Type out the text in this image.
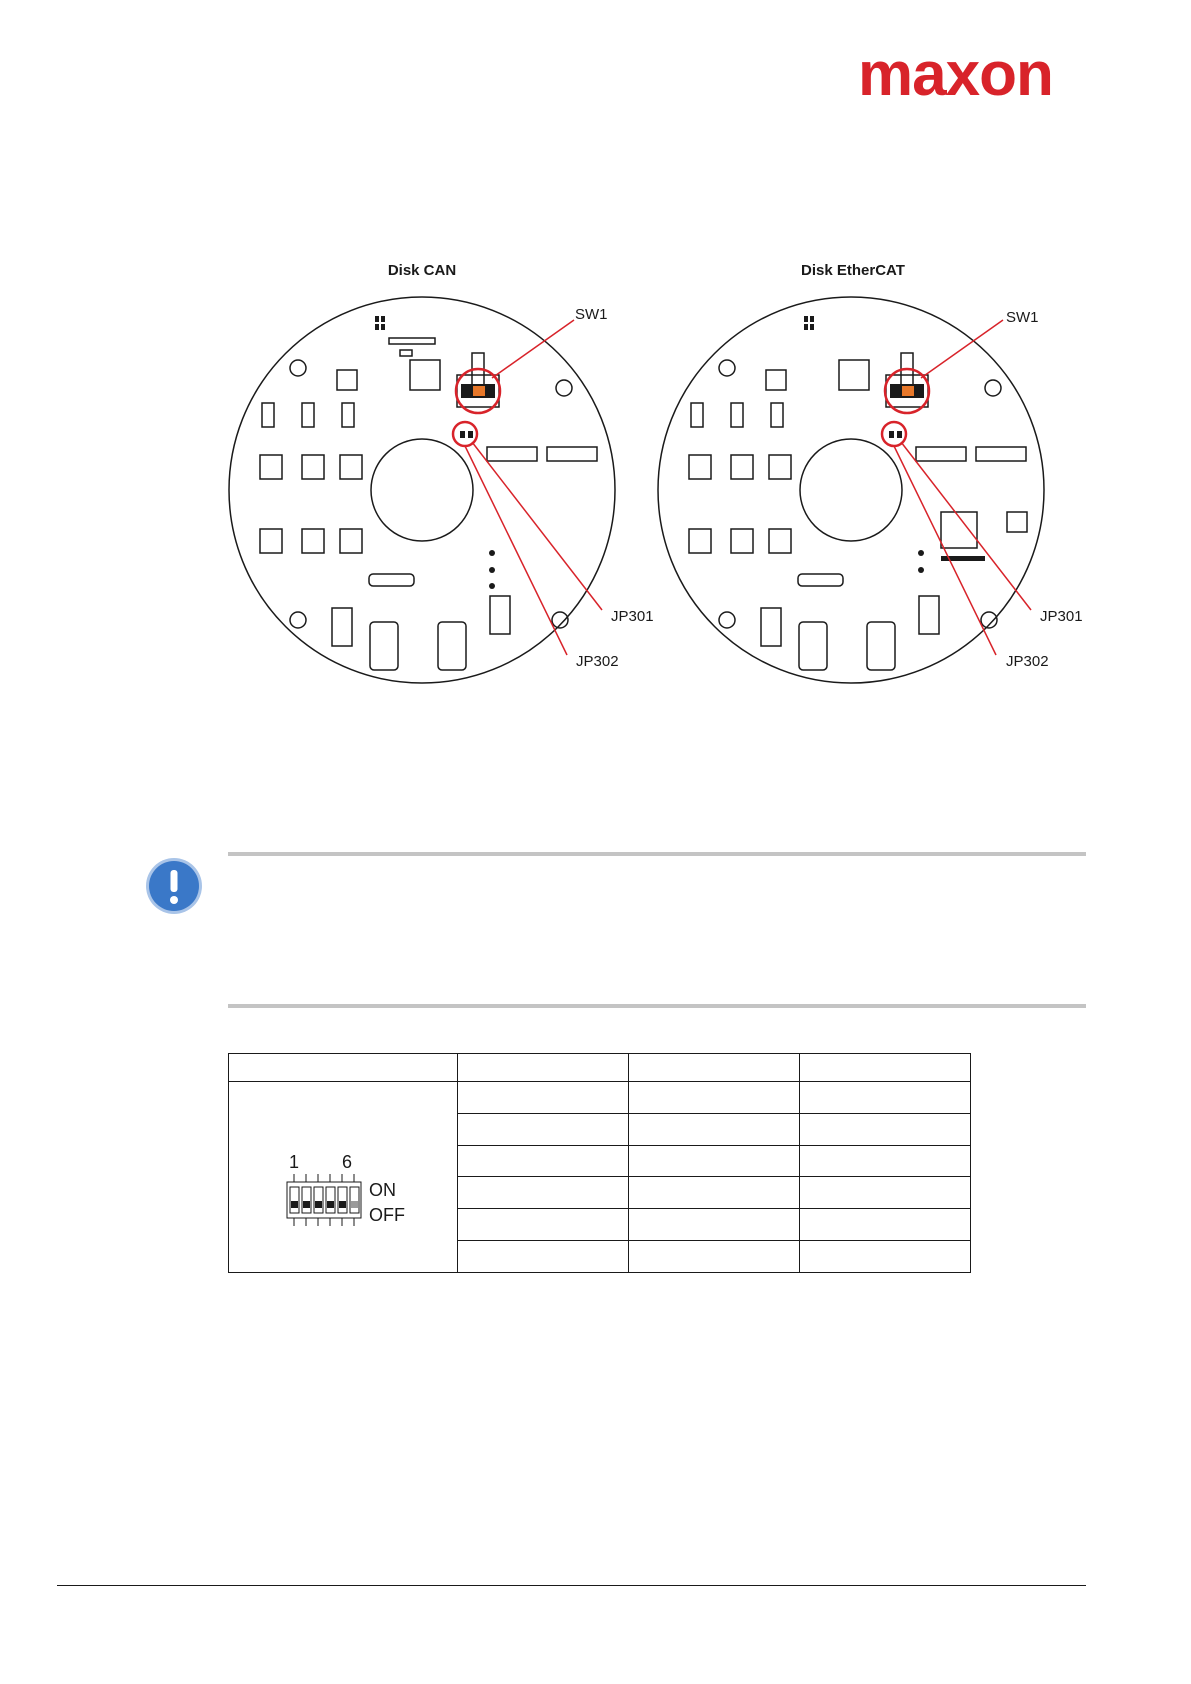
maxon
Disk CAN	Disk EtherCAT
SW1
JP301
JP302
SW1
JP301
JP302

1 6
ON
OFF			
